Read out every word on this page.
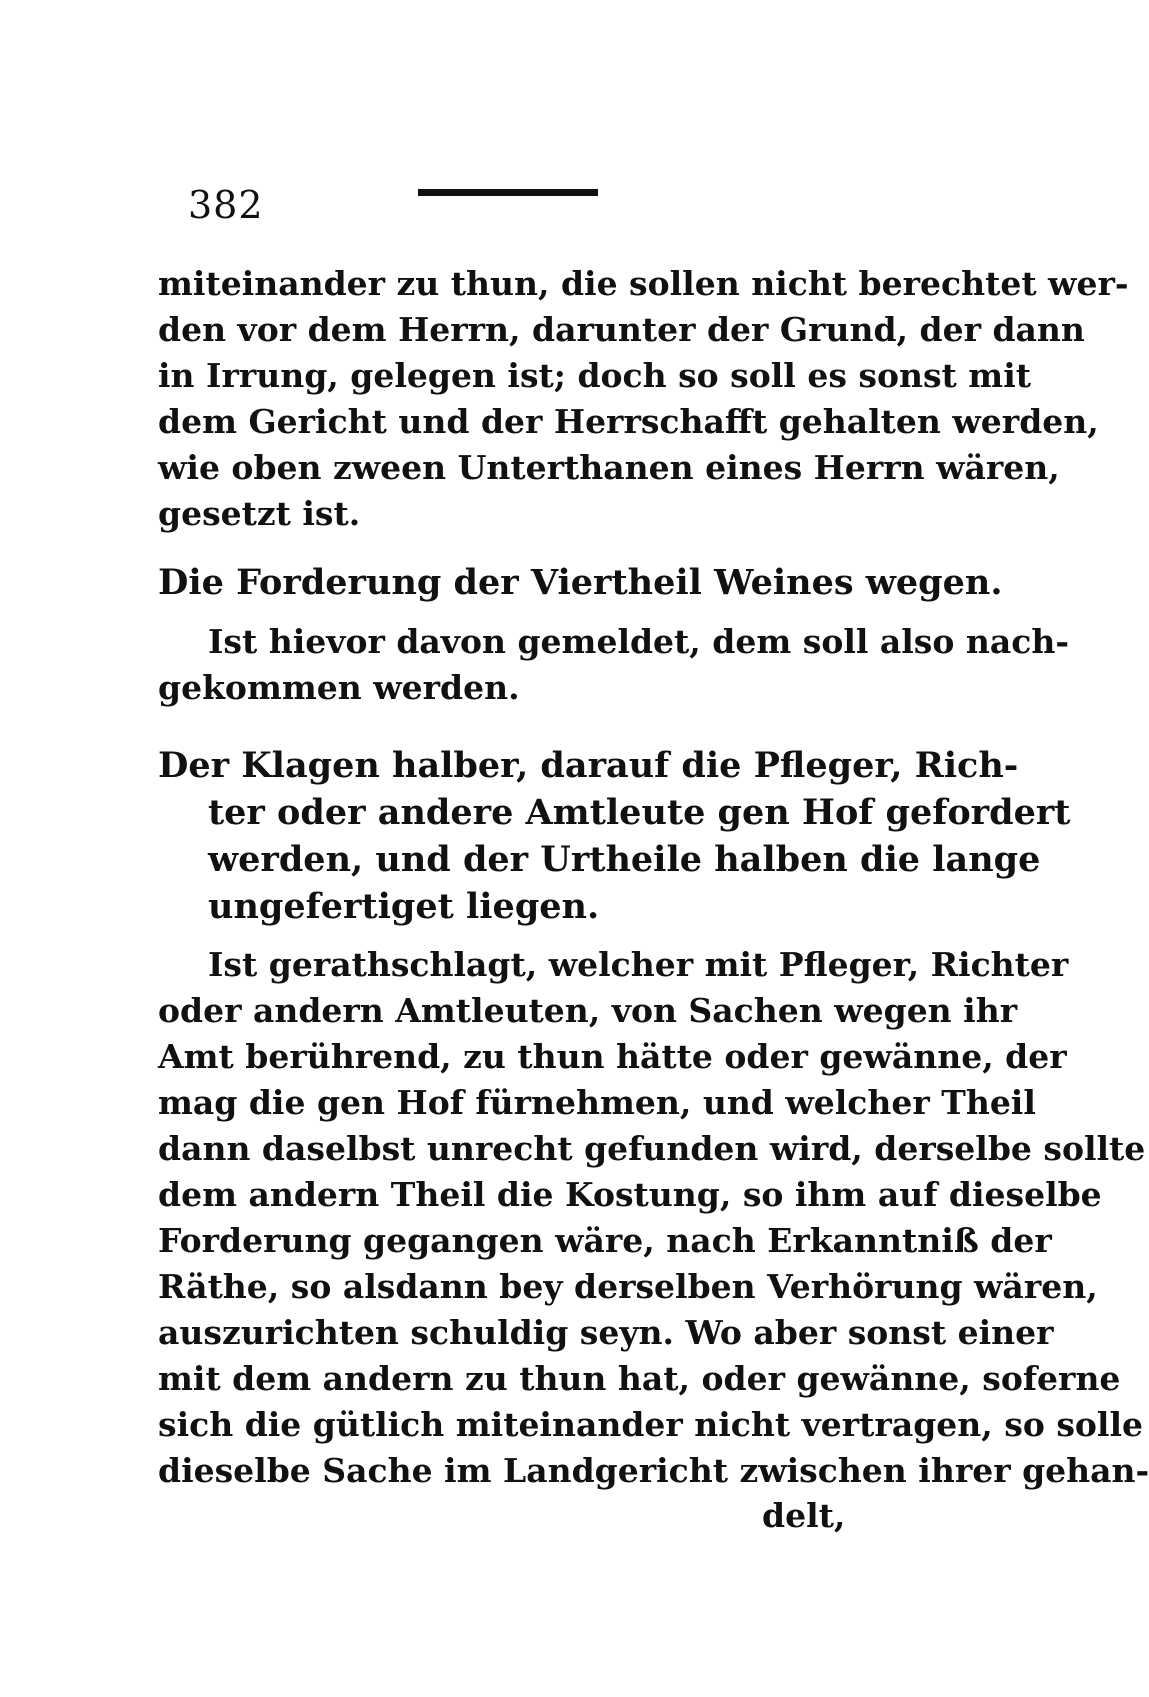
382
miteinander zu thun, die sollen nicht berechtet wer-
den vor dem Herrn, darunter der Grund, der dann
in Irrung, gelegen ist; doch so soll es sonst mit
dem Gericht und der Herrschafft gehalten werden,
wie oben zween Unterthanen eines Herrn wären,
gesetzt ist.
Die Forderung der Viertheil Weines wegen.
Ist hievor davon gemeldet, dem soll also nach-
gekommen werden.
Der Klagen halber, darauf die Pfleger, Rich-
ter oder andere Amtleute gen Hof gefordert
werden, und der Urtheile halben die lange
ungefertiget liegen.
Ist gerathschlagt, welcher mit Pfleger, Richter
oder andern Amtleuten, von Sachen wegen ihr
Amt berührend, zu thun hätte oder gewänne, der
mag die gen Hof fürnehmen, und welcher Theil
dann daselbst unrecht gefunden wird, derselbe sollte
dem andern Theil die Kostung, so ihm auf dieselbe
Forderung gegangen wäre, nach Erkanntniß der
Räthe, so alsdann bey derselben Verhörung wären,
auszurichten schuldig seyn. Wo aber sonst einer
mit dem andern zu thun hat, oder gewänne, soferne
sich die gütlich miteinander nicht vertragen, so solle
dieselbe Sache im Landgericht zwischen ihrer gehan-
delt,
